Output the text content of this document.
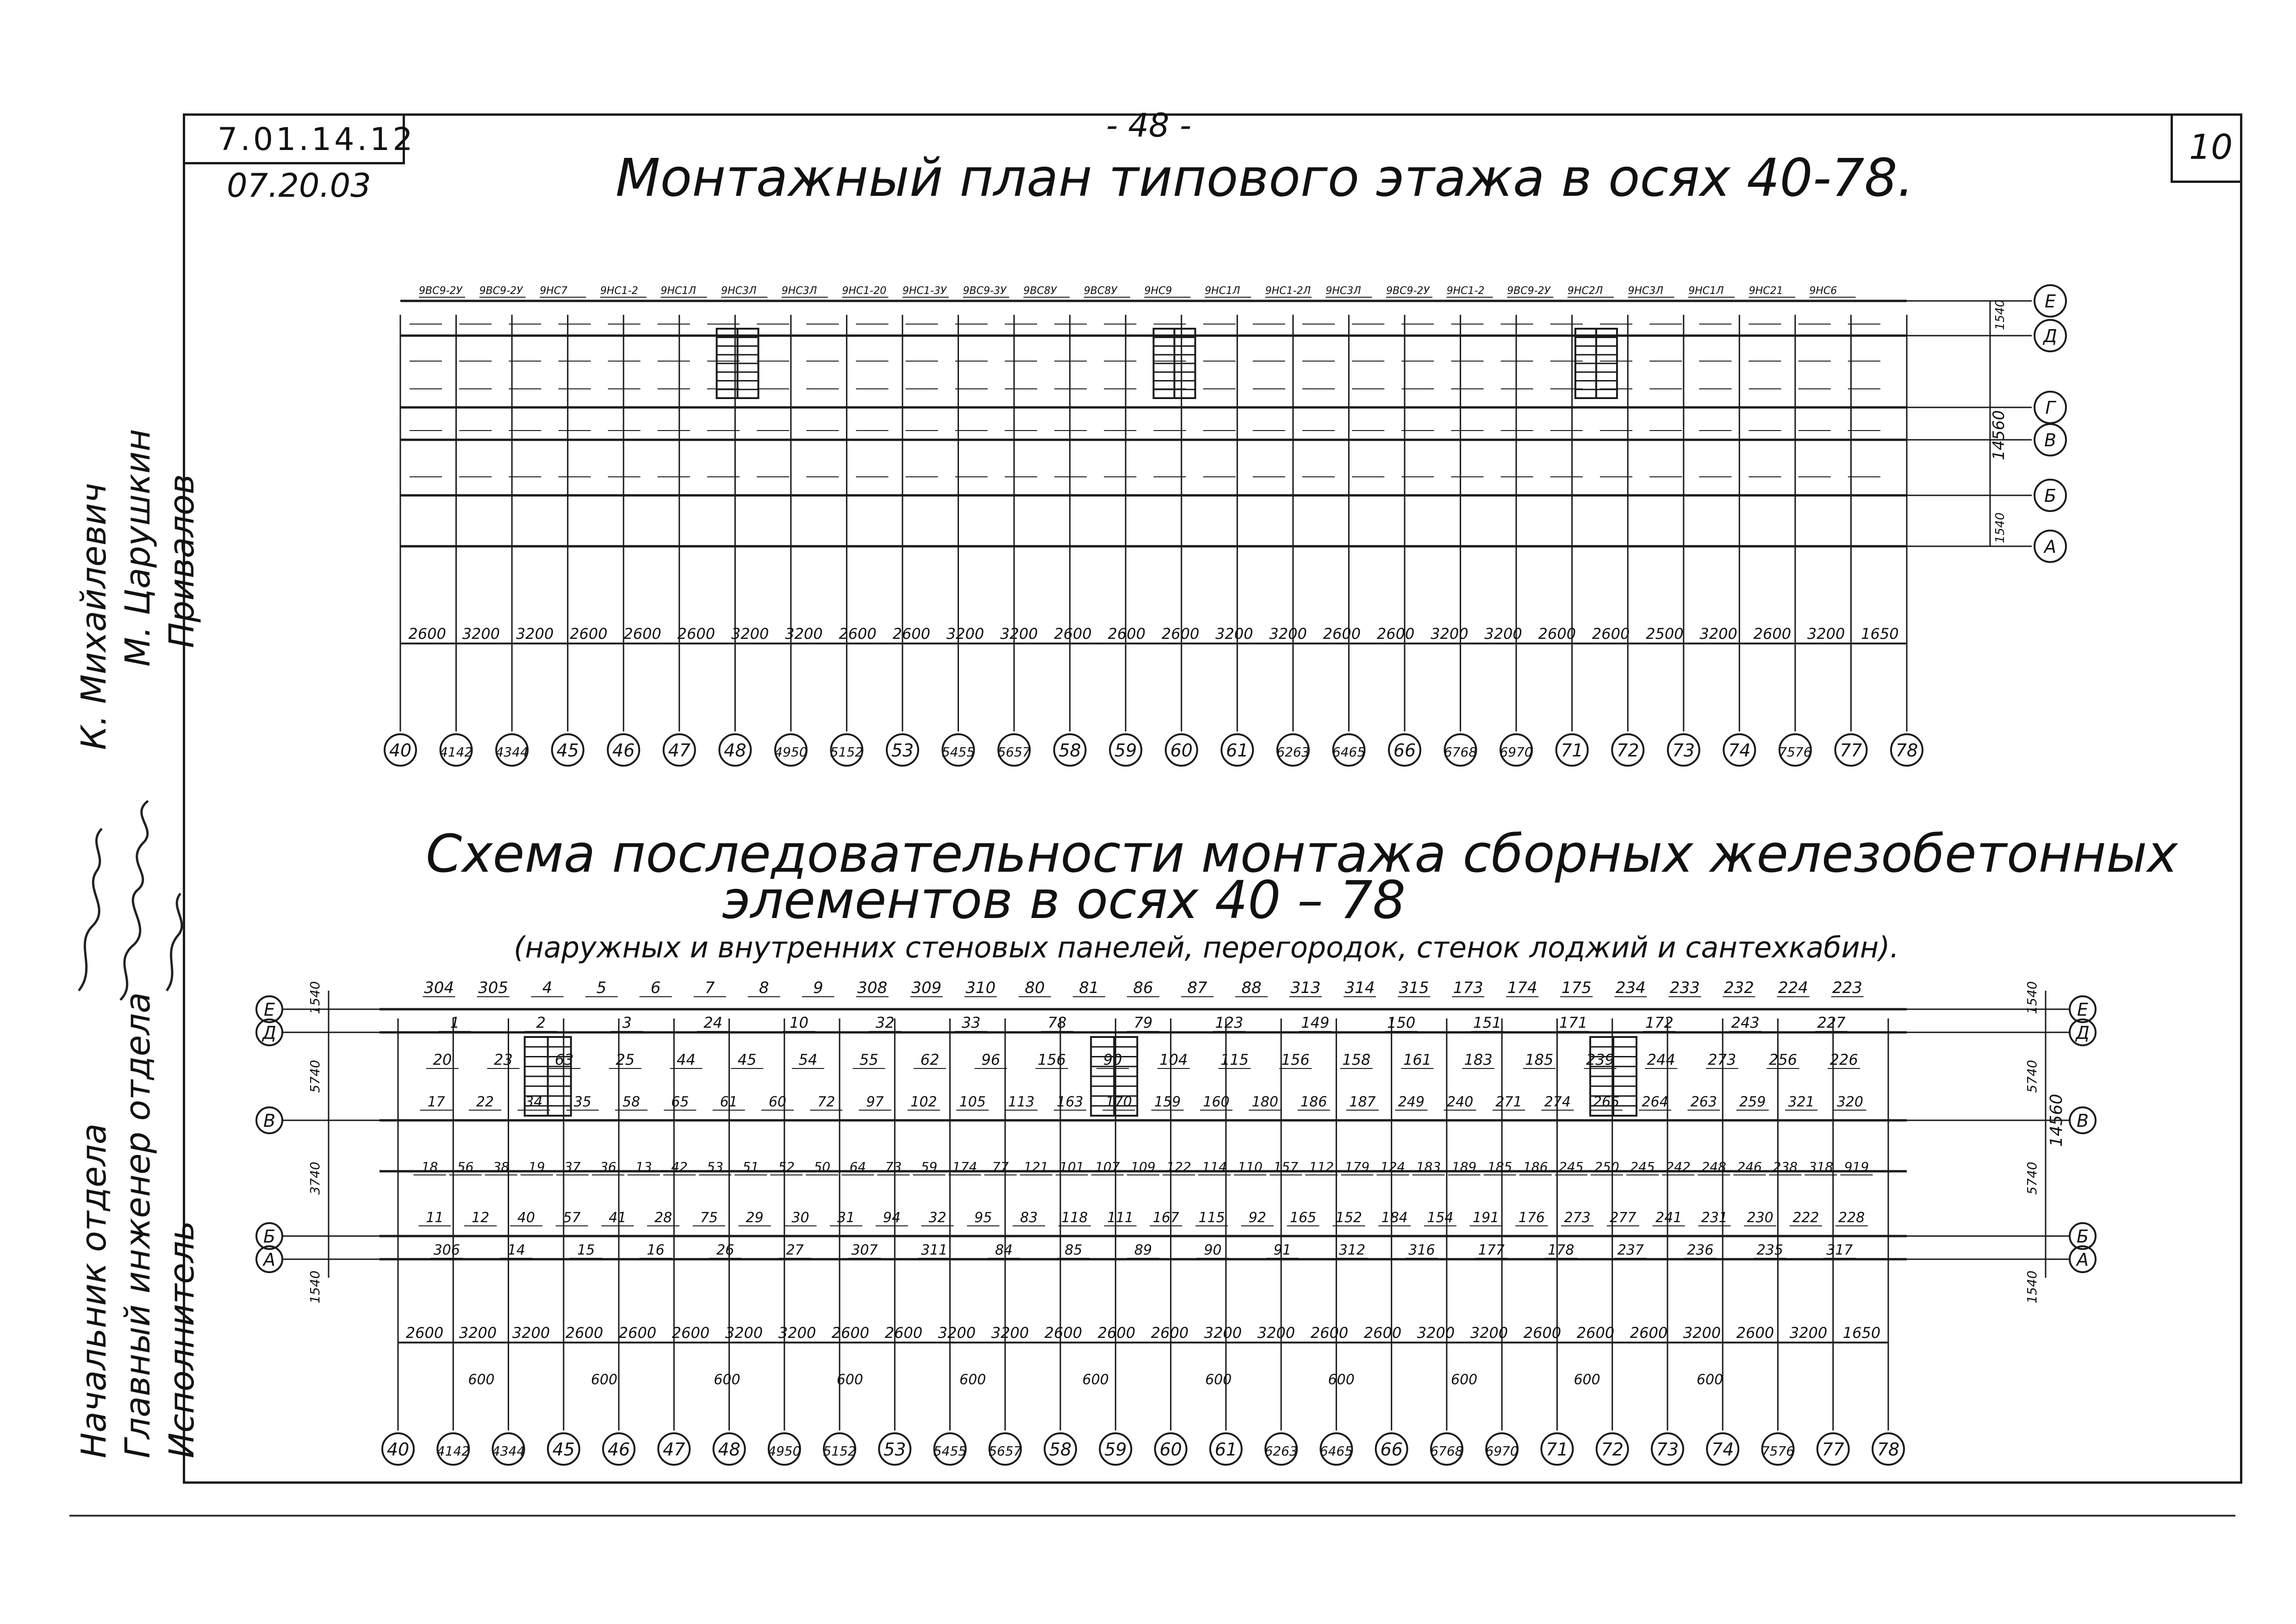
7.01.14.12
07.20.03
- 48 -
10
Монтажный план типового этажа в осях 40-78.
Схема последовательности монтажа сборных железобетонных
элементов в осях 40 – 78
(наружных и внутренних стеновых панелей, перегородок, стенок лоджий и сантехкабин).
Начальник отдела Главный инженер отдела Исполнитель
К. Михайлевич М. Царушкин Привалов
40 4142 4344 45 46 47 48 4950 5152 53 5455 5657 58 59 60 61 6263 6465 66 6768 6970 71 72 73 74 7576 77 78
2600 3200 3200 2600 2600 2600 3200 3200 2600 2600 3200 3200 2600 2600 2600 3200 3200 2600 2600 3200 3200 2600 2600 2500 3200 2600 3200 1650
9ВС9-2У 9ВС9-2У 9НС7	9НС1-2 9НС1Л 9НС3Л 9НС3Л 9НС1-20 9НС1-3У 9ВС9-3У 9ВС8У	9ВС8У	9НС9	9НС1Л 9НС1-2Л 9НС3Л 9ВС9-2У 9НС1-2 9ВС9-2У 9НС2Л 9НС3Л 9НС1Л 9НС21	9НС6
Е
Д
Г
В
Б
А
1540
14560
1540
Е
Д
В
Б
А
Е
Д
В
Б
А
1540
5740
3740
1540
1540
5740
14560
5740
1540
40 4142 4344 45 46 47 48 4950 5152 53 5455 5657 58 59 60 61 6263 6465 66 6768 6970 71 72 73 74 7576 77 78
2600 3200 3200 2600 2600 2600 3200 3200 2600 2600 3200 3200 2600 2600 2600 3200 3200 2600 2600 3200 3200 2600 2600 2600 3200 2600 3200 1650
600	600	600	600	600	600	600	600	600	600	600
304 305 4	5	6	7	8	9 308 309 310 80 81 86 87 88 313 314 315 173 174 175 234 233 232 224 223
1	2	3	24	10	32	33	78	79	123	149	150	151	171	172	243	227
20	23	63	25	44	45	54	55	62	96	156	90	104 115 156 158 161 183 185 239 244 273 256 226
17 22 34 35 58 65 61 60 72 97 102 105 113 163 170 159 160 180 186 187 249 240 271 274 265 264 263 259 321 320
18 56 38 19 37 36 13 42 53 51 52 50 64 73 59 174 77 121 101 107 109 122 114 110 157 112 179 124 183 189 185 186 245 250 245 242 248 246 238 318 919
11 12 40 57 41 28 75 29 30 31 94 32 95 83 118 111 167 115 92 165 152 184 154 191 176 273 277 241 231 230 222 228
306	14	15	16	26	27	307	311	84	85	89	90	91	312	316	177	178	237	236	235	317
